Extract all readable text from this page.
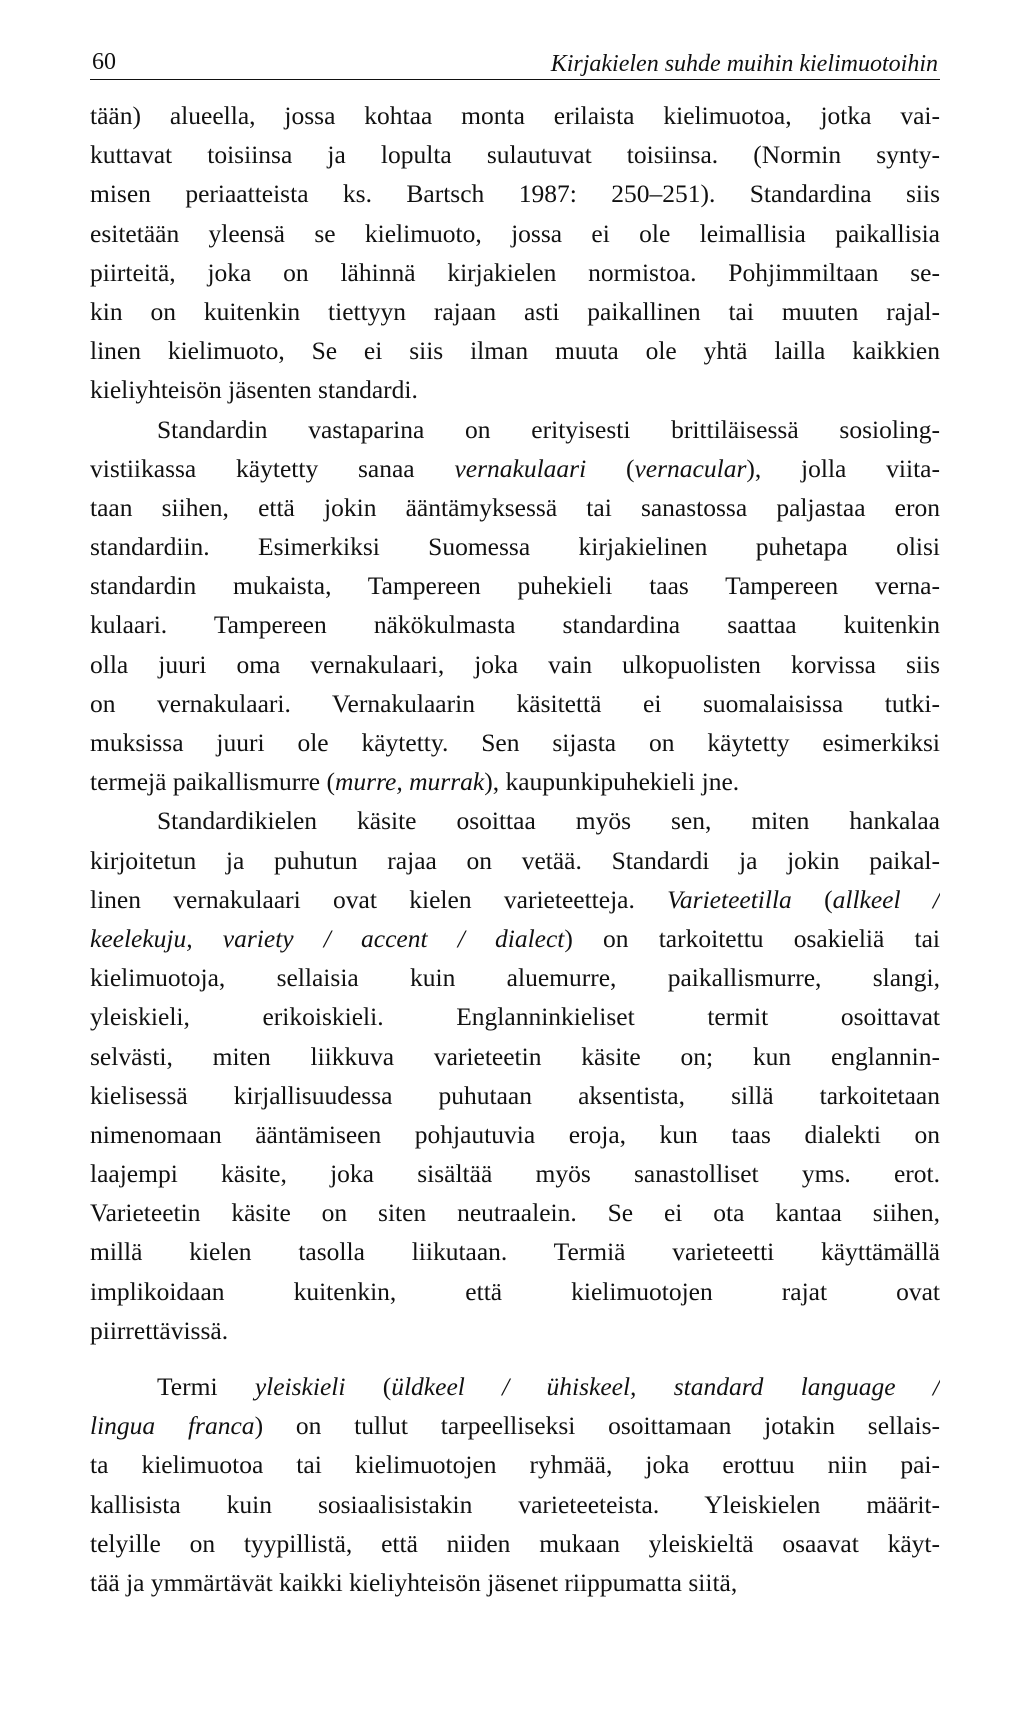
60	Kirjakielen suhde muihin kielimuotoihin
tään) alueella, jossa kohtaa monta erilaista kielimuotoa, jotka vai-
kuttavat toisiinsa ja lopulta sulautuvat toisiinsa. (Normin synty-
misen periaatteista ks. Bartsch 1987: 250–251). Standardina siis
esitetään yleensä se kielimuoto, jossa ei ole leimallisia paikallisia
piirteitä, joka on lähinnä kirjakielen normistoa. Pohjimmiltaan se-
kin on kuitenkin tiettyyn rajaan asti paikallinen tai muuten rajal-
linen kielimuoto, Se ei siis ilman muuta ole yhtä lailla kaikkien
kieliyhteisön jäsenten standardi.
Standardin vastaparina on erityisesti brittiläisessä sosioling-
vistiikassa käytetty sanaa vernakulaari (vernacular), jolla viita-
taan siihen, että jokin ääntämyksessä tai sanastossa paljastaa eron
standardiin. Esimerkiksi Suomessa kirjakielinen puhetapa olisi
standardin mukaista, Tampereen puhekieli taas Tampereen verna-
kulaari. Tampereen näkökulmasta standardina saattaa kuitenkin
olla juuri oma vernakulaari, joka vain ulkopuolisten korvissa siis
on vernakulaari. Vernakulaarin käsitettä ei suomalaisissa tutki-
muksissa juuri ole käytetty. Sen sijasta on käytetty esimerkiksi
termejä paikallismurre (murre, murrak), kaupunkipuhekieli jne.
Standardikielen käsite osoittaa myös sen, miten hankalaa
kirjoitetun ja puhutun rajaa on vetää. Standardi ja jokin paikal-
linen vernakulaari ovat kielen varieteetteja. Varieteetilla (allkeel /
keelekuju, variety / accent / dialect) on tarkoitettu osakieliä tai
kielimuotoja, sellaisia kuin aluemurre, paikallismurre, slangi,
yleiskieli, erikoiskieli. Englanninkieliset termit osoittavat
selvästi, miten liikkuva varieteetin käsite on; kun englannin-
kielisessä kirjallisuudessa puhutaan aksentista, sillä tarkoitetaan
nimenomaan ääntämiseen pohjautuvia eroja, kun taas dialekti on
laajempi käsite, joka sisältää myös sanastolliset yms. erot.
Varieteetin käsite on siten neutraalein. Se ei ota kantaa siihen,
millä kielen tasolla liikutaan. Termiä varieteetti käyttämällä
implikoidaan kuitenkin, että kielimuotojen rajat ovat
piirrettävissä.
Termi yleiskieli (üldkeel / ühiskeel, standard language /
lingua franca) on tullut tarpeelliseksi osoittamaan jotakin sellais-
ta kielimuotoa tai kielimuotojen ryhmää, joka erottuu niin pai-
kallisista kuin sosiaalisistakin varieteeteista. Yleiskielen määrit-
telyille on tyypillistä, että niiden mukaan yleiskieltä osaavat käyt-
tää ja ymmärtävät kaikki kieliyhteisön jäsenet riippumatta siitä,
